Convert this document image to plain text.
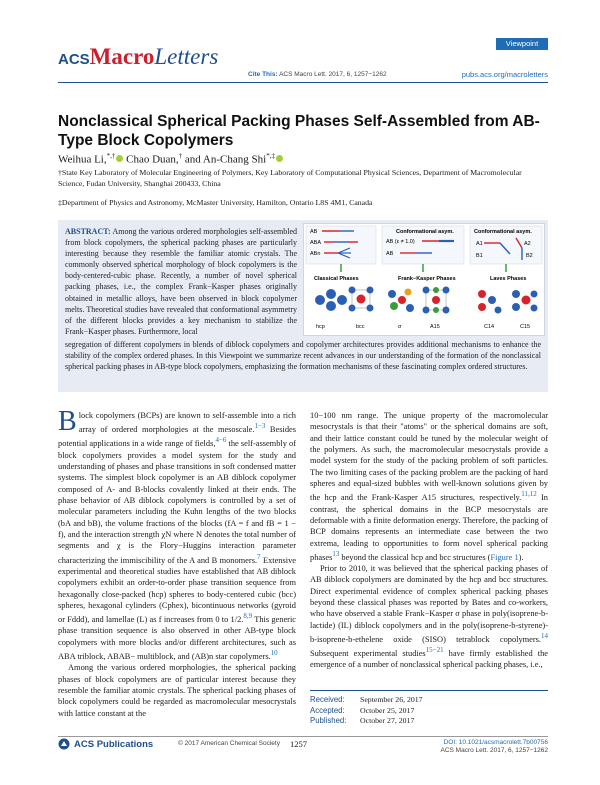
ACSMacroLetters
Viewpoint
Cite This: ACS Macro Lett. 2017, 6, 1257−1262	pubs.acs.org/macroletters
Nonclassical Spherical Packing Phases Self-Assembled from AB-Type Block Copolymers
Weihua Li,*,† Chao Duan,† and An-Chang Shi*,‡
†State Key Laboratory of Molecular Engineering of Polymers, Key Laboratory of Computational Physical Sciences, Department of Macromolecular Science, Fudan University, Shanghai 200433, China
‡Department of Physics and Astronomy, McMaster University, Hamilton, Ontario L8S 4M1, Canada
ABSTRACT: Among the various ordered morphologies self-assembled from block copolymers, the spherical packing phases are particularly interesting because they resemble the familiar atomic crystals. The commonly observed spherical morphology of block copolymers is the body-centered-cubic phase. Recently, a number of novel spherical packing phases, i.e., the complex Frank−Kasper phases originally obtained in metallic alloys, have been observed in block copolymer melts. Theoretical studies have revealed that conformational asymmetry of the different blocks provides a key mechanism to stabilize the Frank−Kasper phases. Furthermore, local
segregation of different copolymers in blends of diblock copolymers and copolymer architectures provides additional mechanisms to enhance the stability of the complex ordered phases. In this Viewpoint we summarize recent advances in our understanding of the formation of the nonclassical spherical packing phases in AB-type block copolymers, emphasizing the formation mechanisms of these fascinating complex ordered structures.
AB
ABA
ABn
Conformational asym.
AB (ε ≠ 1.0)
AB
Conformational asym.
A1
B1
A2
B2
Classical Phases	Frank−Kasper Phases	Laves Phases
hcp	bcc	σ	A15	C14	C15

Block copolymers (BCPs) are known to self-assemble into a rich array of ordered morphologies at the mesoscale.$^{1-3}$ Besides potential applications in a wide range of fields,$^{4-6}$ the self-assembly of block copolymers provides a model system for the study and understanding of phases and phase transitions in soft condensed matter systems. The simplest block copolymer is an AB diblock copolymer composed of A- and B-blocks covalently linked at their ends. The phase behavior of AB diblock copolymers is controlled by a set of molecular parameters including the Kuhn lengths of the two blocks (bA and bB), the volume fractions of the blocks (fA = f and fB = 1 − f), and the interaction strength χN where N denotes the total number of segments and χ is the Flory−Huggins interaction parameter characterizing the immiscibility of the A and B monomers.$^7$ Extensive experimental and theoretical studies have established that AB diblock copolymers exhibit an order-to-order phase transition sequence from hexagonally close-packed (hcp) spheres to body-centered cubic (bcc) spheres, hexagonal cylinders (Cphex), bicontinuous networks (gyroid or Fddd), and lamellae (L) as f increases from 0 to 1/2.$^{8,9}$ This generic phase transition sequence is also observed in other AB-type block copolymers with more blocks and/or different architectures, such as ABA triblock, ABAB− multiblock, and (AB)n star copolymers.$^{10}$

Among the various ordered morphologies, the spherical packing phases of block copolymers are of particular interest because they resemble the familiar atomic crystals. The spherical packing phases of block copolymers could be regarded as macromolecular mesocrystals with lattice constant at the

10−100 nm range. The unique property of the macromolecular mesocrystals is that their "atoms" or the spherical domains are soft, and their lattice constant could be tuned by the molecular weight of the polymers. As such, the macromolecular mesocrystals provide a model system for the study of the packing problem of soft particles. The two limiting cases of the packing problem are the packing of hard spheres and equal-sized bubbles with well-known solutions given by the hcp and the Frank-Kasper A15 structures, respectively.$^{11,12}$ In contrast, the spherical domains in the BCP mesocrystals are deformable with a finite deformation energy. Therefore, the packing of BCP domains represents an intermediate case between the two extrema, leading to opportunities to form novel spherical packing phases$^{13}$ beyond the classical hcp and bcc structures (Figure 1).

Prior to 2010, it was believed that the spherical packing phases of AB diblock copolymers are dominated by the hcp and bcc structures. Direct experimental evidence of complex spherical packing phases beyond these classical phases was reported by Bates and co-workers, who have observed a stable Frank−Kasper σ phase in poly(isoprene-b-lactide) (IL) diblock copolymers and in the poly(isoprene-b-styrene)-b-isoprene-b-ethelene oxide (SISO) tetrablock copolymers.$^{14}$ Subsequent experimental studies$^{15-21}$ have firmly established the emergence of a number of nonclassical spherical packing phases, i.e.,

Received:	September 26, 2017
Accepted:	October 25, 2017
Published:	October 27, 2017
ACS Publications	© 2017 American Chemical Society 1257	DOI: 10.1021/acsmacrolett.7b00756
ACS Macro Lett. 2017, 6, 1257−1262
